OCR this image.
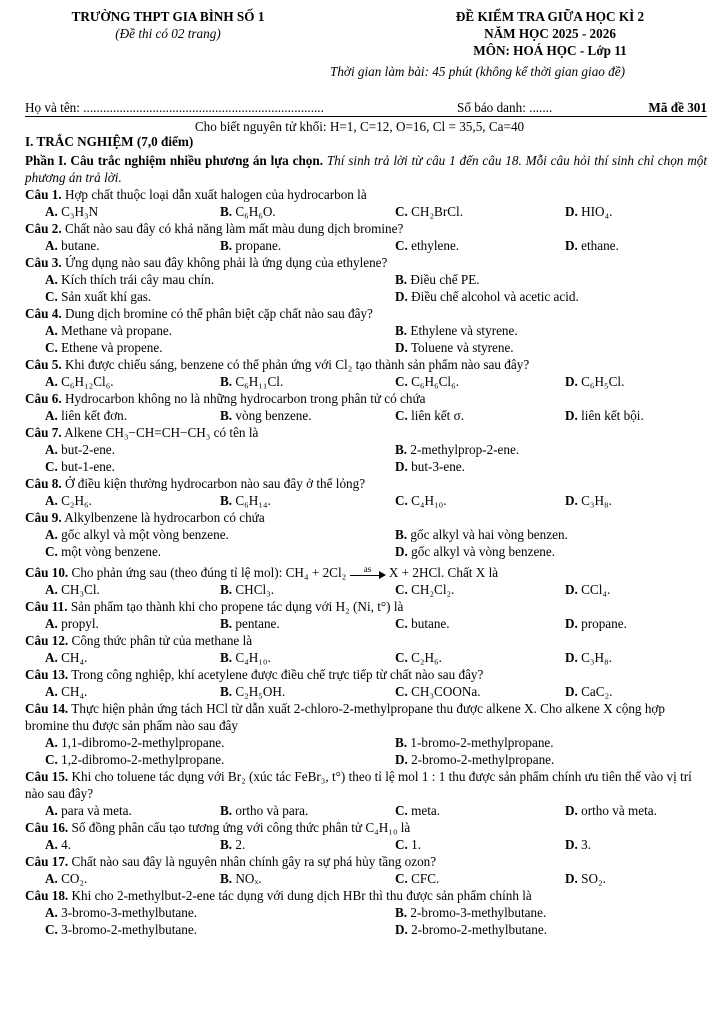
TRƯỜNG THPT GIA BÌNH SỐ 1
(Đề thi có 02 trang)
ĐỀ KIỂM TRA GIỮA HỌC KÌ 2
NĂM HỌC 2025 - 2026
MÔN: HOÁ HỌC - Lớp 11
Thời gian làm bài: 45 phút (không kể thời gian giao đề)
Họ và tên: .........................................................................	Số báo danh: .......	Mã đề 301
Cho biết nguyên tử khối: H=1, C=12, O=16, Cl = 35,5, Ca=40
I. TRẮC NGHIỆM (7,0 điểm)
Phần I. Câu trắc nghiệm nhiều phương án lựa chọn. Thí sinh trả lời từ câu 1 đến câu 18. Mỗi câu hỏi thí sinh chỉ chọn một phương án trả lời.
Câu 1. Hợp chất thuộc loại dẫn xuất halogen của hydrocarbon là
A. C₃H₃N	B. C₆H₆O.	C. CH₂BrCl.	D. HIO₄.
Câu 2. Chất nào sau đây có khả năng làm mất màu dung dịch bromine?
A. butane.	B. propane.	C. ethylene.	D. ethane.
Câu 3. Ứng dụng nào sau đây không phải là ứng dụng của ethylene?
A. Kích thích trái cây mau chín.	B. Điều chế PE.
C. Sản xuất khí gas.	D. Điều chế alcohol và acetic acid.
Câu 4. Dung dịch bromine có thể phân biệt cặp chất nào sau đây?
A. Methane và propane.	B. Ethylene và styrene.
C. Ethene và propene.	D. Toluene và styrene.
Câu 5. Khi được chiếu sáng, benzene có thể phản ứng với Cl₂ tạo thành sản phẩm nào sau đây?
A. C₆H₁₂Cl₆.	B. C₆H₁₁Cl.	C. C₆H₆Cl₆.	D. C₆H₅Cl.
Câu 6. Hydrocarbon không no là những hydrocarbon trong phân tử có chứa
A. liên kết đơn.	B. vòng benzene.	C. liên kết σ.	D. liên kết bội.
Câu 7. Alkene CH₃−CH=CH−CH₃ có tên là
A. but-2-ene.	B. 2-methylprop-2-ene.
C. but-1-ene.	D. but-3-ene.
Câu 8. Ở điều kiện thường hydrocarbon nào sau đây ở thể lỏng?
A. C₂H₆.	B. C₆H₁₄.	C. C₄H₁₀.	D. C₃H₈.
Câu 9. Alkylbenzene là hydrocarbon có chứa
A. gốc alkyl và một vòng benzene.	B. gốc alkyl và hai vòng benzen.
C. một vòng benzene.	D. gốc alkyl và vòng benzene.
Câu 10. Cho phản ứng sau (theo đúng tỉ lệ mol): CH₄ + 2Cl₂	as	X + 2HCl. Chất X là
A. CH₃Cl.	B. CHCl₃.	C. CH₂Cl₂.	D. CCl₄.
Câu 11. Sản phẩm tạo thành khi cho propene tác dụng với H₂ (Ni, t°) là
A. propyl.	B. pentane.	C. butane.	D. propane.
Câu 12. Công thức phân tử của methane là
A. CH₄.	B. C₄H₁₀.	C. C₂H₆.	D. C₃H₈.
Câu 13. Trong công nghiệp, khí acetylene được điều chế trực tiếp từ chất nào sau đây?
A. CH₄.	B. C₂H₅OH.	C. CH₃COONa.	D. CaC₂.
Câu 14. Thực hiện phản ứng tách HCl từ dẫn xuất 2-chloro-2-methylpropane thu được alkene X. Cho alkene X cộng hợp bromine thu được sản phẩm nào sau đây
A. 1,1-dibromo-2-methylpropane.	B. 1-bromo-2-methylpropane.
C. 1,2-dibromo-2-methylpropane.	D. 2-bromo-2-methylpropane.
Câu 15. Khi cho toluene tác dụng với Br₂ (xúc tác FeBr₃, t°) theo tỉ lệ mol 1 : 1 thu được sản phẩm chính ưu tiên thế vào vị trí nào sau đây?
A. para và meta.	B. ortho và para.	C. meta.	D. ortho và meta.
Câu 16. Số đồng phân cấu tạo tương ứng với công thức phân tử C₄H₁₀ là
A. 4.	B. 2.	C. 1.	D. 3.
Câu 17. Chất nào sau đây là nguyên nhân chính gây ra sự phá hủy tầng ozon?
A. CO₂.	B. NOₓ.	C. CFC.	D. SO₂.
Câu 18. Khi cho 2-methylbut-2-ene tác dụng với dung dịch HBr thì thu được sản phẩm chính là
A. 3-bromo-3-methylbutane.	B. 2-bromo-3-methylbutane.
C. 3-bromo-2-methylbutane.	D. 2-bromo-2-methylbutane.
